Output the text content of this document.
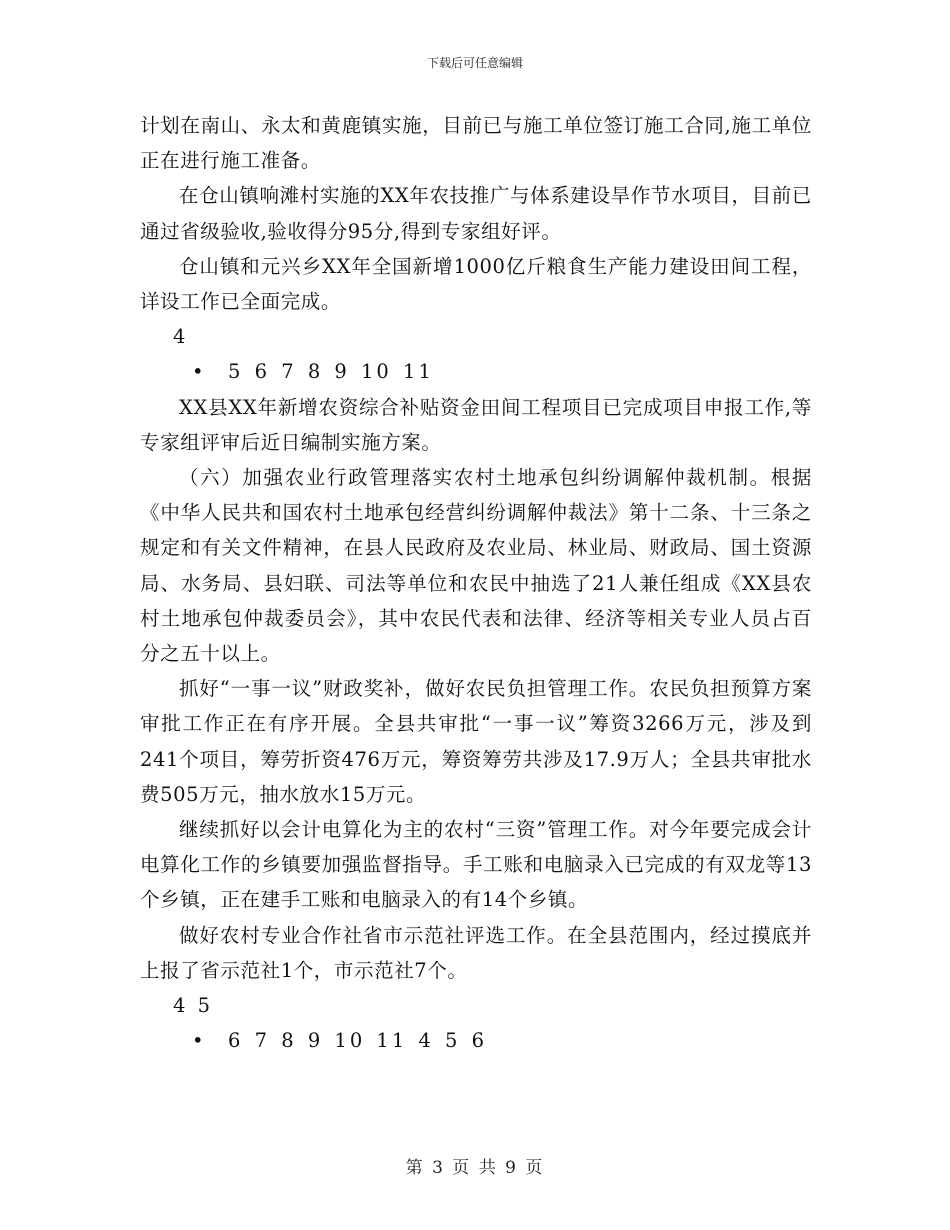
下载后可任意编辑

计划在南山、永太和黄鹿镇实施，目前已与施工单位签订施工合同,施工单位正在进行施工准备。

在仓山镇响滩村实施的XX年农技推广与体系建设旱作节水项目，目前已通过省级验收,验收得分95分,得到专家组好评。

仓山镇和元兴乡XX年全国新增1000亿斤粮食生产能力建设田间工程，详设工作已全面完成。

4

• 5 6 7 8 9 10 11

XX县XX年新增农资综合补贴资金田间工程项目已完成项目申报工作,等专家组评审后近日编制实施方案。

（六）加强农业行政管理落实农村土地承包纠纷调解仲裁机制。根据《中华人民共和国农村土地承包经营纠纷调解仲裁法》第十二条、十三条之规定和有关文件精神，在县人民政府及农业局、林业局、财政局、国土资源局、水务局、县妇联、司法等单位和农民中抽选了21人兼任组成《XX县农村土地承包仲裁委员会》，其中农民代表和法律、经济等相关专业人员占百分之五十以上。

抓好“一事一议”财政奖补，做好农民负担管理工作。农民负担预算方案审批工作正在有序开展。全县共审批“一事一议”筹资3266万元，涉及到241个项目，筹劳折资476万元，筹资筹劳共涉及17.9万人；全县共审批水费505万元，抽水放水15万元。

继续抓好以会计电算化为主的农村“三资”管理工作。对今年要完成会计电算化工作的乡镇要加强监督指导。手工账和电脑录入已完成的有双龙等13个乡镇，正在建手工账和电脑录入的有14个乡镇。

做好农村专业合作社省市示范社评选工作。在全县范围内，经过摸底并上报了省示范社1个，市示范社7个。

4 5

• 6 7 8 9 10 11 4 5 6

第 3 页 共 9 页
